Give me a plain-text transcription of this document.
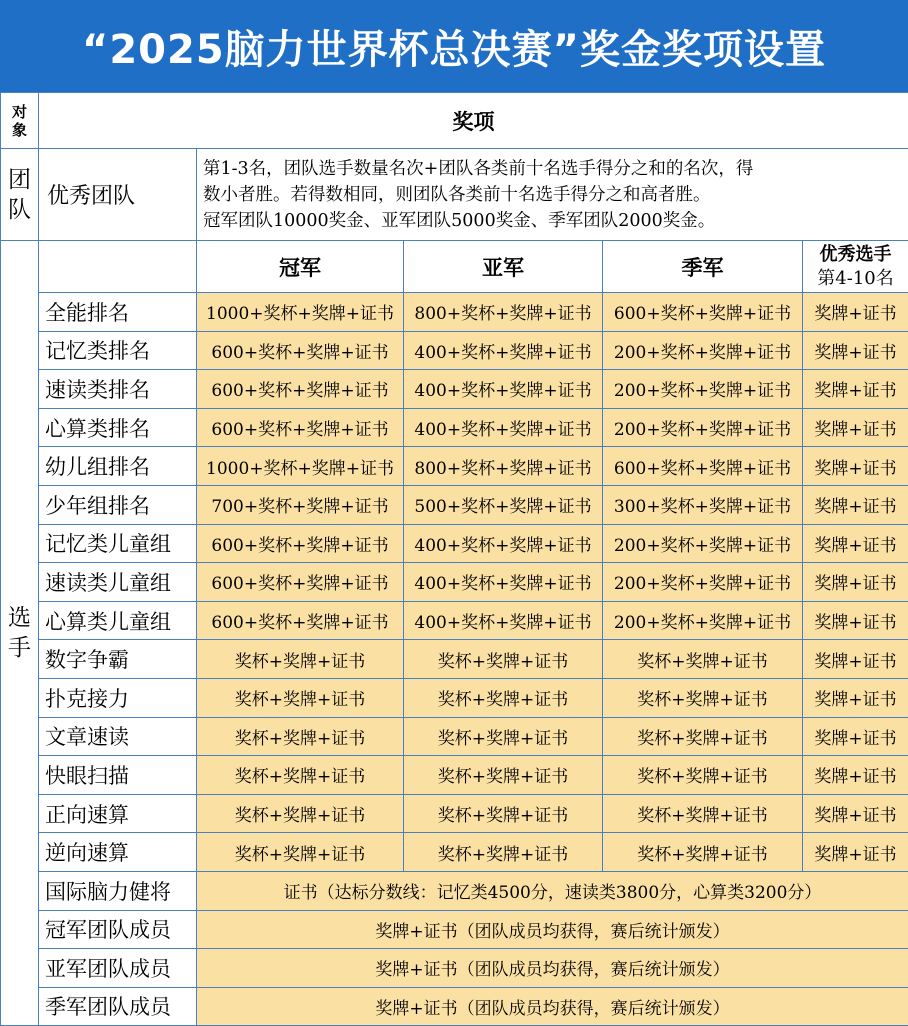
“2025脑力世界杯总决赛”奖金奖项设置
对象	奖项				
团队	优秀团队	第1-3名，团队选手数量名次+团队各类前十名选手得分之和的名次，得
数小者胜。若得数相同，则团队各类前十名选手得分之和高者胜。
冠军团队10000奖金、亚军团队5000奖金、季军团队2000奖金。			

选手		冠军	亚军	季军	优秀选手
第4-10名

	全能排名	1000+奖杯+奖牌+证书	800+奖杯+奖牌+证书	600+奖杯+奖牌+证书	奖牌+证书
	记忆类排名	600+奖杯+奖牌+证书	400+奖杯+奖牌+证书	200+奖杯+奖牌+证书	奖牌+证书
	速读类排名	600+奖杯+奖牌+证书	400+奖杯+奖牌+证书	200+奖杯+奖牌+证书	奖牌+证书
	心算类排名	600+奖杯+奖牌+证书	400+奖杯+奖牌+证书	200+奖杯+奖牌+证书	奖牌+证书
	幼儿组排名	1000+奖杯+奖牌+证书	800+奖杯+奖牌+证书	600+奖杯+奖牌+证书	奖牌+证书
	少年组排名	700+奖杯+奖牌+证书	500+奖杯+奖牌+证书	300+奖杯+奖牌+证书	奖牌+证书
	记忆类儿童组	600+奖杯+奖牌+证书	400+奖杯+奖牌+证书	200+奖杯+奖牌+证书	奖牌+证书
	速读类儿童组	600+奖杯+奖牌+证书	400+奖杯+奖牌+证书	200+奖杯+奖牌+证书	奖牌+证书
	心算类儿童组	600+奖杯+奖牌+证书	400+奖杯+奖牌+证书	200+奖杯+奖牌+证书	奖牌+证书
	数字争霸	奖杯+奖牌+证书	奖杯+奖牌+证书	奖杯+奖牌+证书	奖牌+证书
	扑克接力	奖杯+奖牌+证书	奖杯+奖牌+证书	奖杯+奖牌+证书	奖牌+证书
	文章速读	奖杯+奖牌+证书	奖杯+奖牌+证书	奖杯+奖牌+证书	奖牌+证书
	快眼扫描	奖杯+奖牌+证书	奖杯+奖牌+证书	奖杯+奖牌+证书	奖牌+证书
	正向速算	奖杯+奖牌+证书	奖杯+奖牌+证书	奖杯+奖牌+证书	奖牌+证书
	逆向速算	奖杯+奖牌+证书	奖杯+奖牌+证书	奖杯+奖牌+证书	奖牌+证书
	国际脑力健将	证书（达标分数线：记忆类4500分，速读类3800分，心算类3200分）			
	冠军团队成员	奖牌+证书（团队成员均获得，赛后统计颁发）			
	亚军团队成员	奖牌+证书（团队成员均获得，赛后统计颁发）			
	季军团队成员	奖牌+证书（团队成员均获得，赛后统计颁发）			
